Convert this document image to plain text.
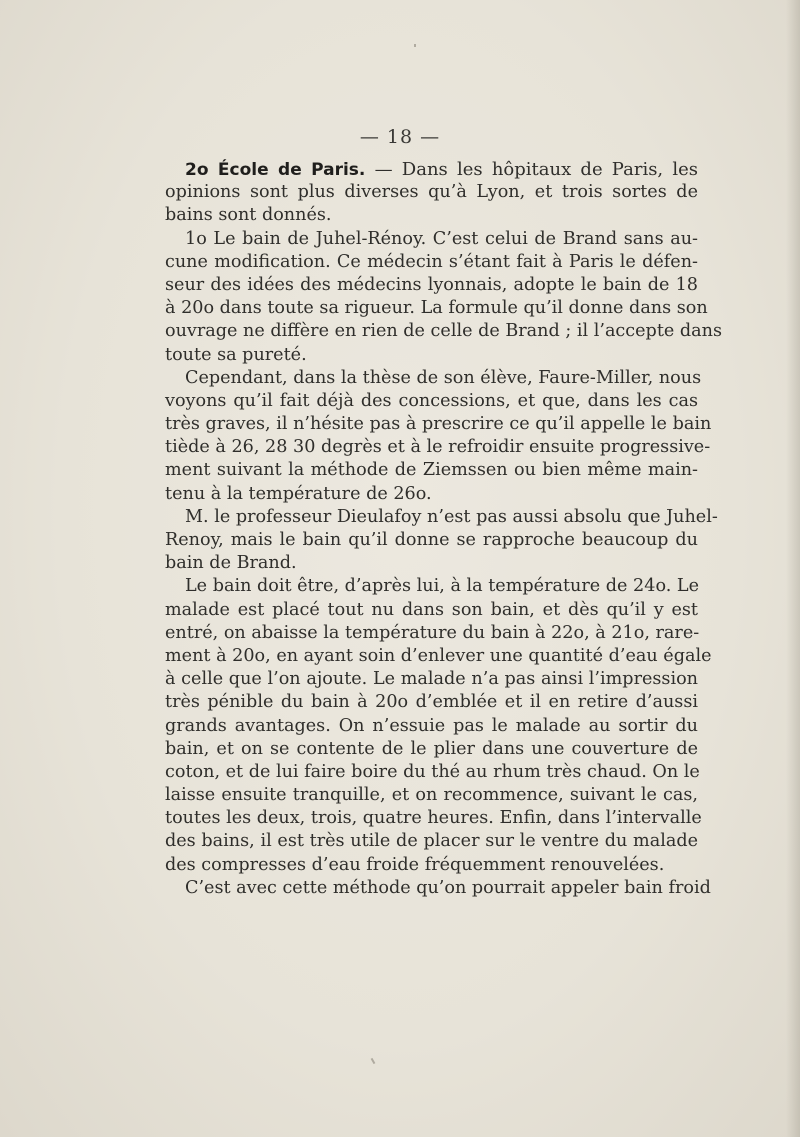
— 18 —
2o École de Paris. — Dans les hôpitaux de Paris, les
opinions sont plus diverses qu’à Lyon, et trois sortes de
bains sont donnés.
1o Le bain de Juhel-Rénoy. C’est celui de Brand sans au-
cune modification. Ce médecin s’étant fait à Paris le défen-
seur des idées des médecins lyonnais, adopte le bain de 18
à 20o dans toute sa rigueur. La formule qu’il donne dans son
ouvrage ne diffère en rien de celle de Brand ; il l’accepte dans
toute sa pureté.
Cependant, dans la thèse de son élève, Faure-Miller, nous
voyons qu’il fait déjà des concessions, et que, dans les cas
très graves, il n’hésite pas à prescrire ce qu’il appelle le bain
tiède à 26, 28 30 degrès et à le refroidir ensuite progressive-
ment suivant la méthode de Ziemssen ou bien même main-
tenu à la température de 26o.
M. le professeur Dieulafoy n’est pas aussi absolu que Juhel-
Renoy, mais le bain qu’il donne se rapproche beaucoup du
bain de Brand.
Le bain doit être, d’après lui, à la température de 24o. Le
malade est placé tout nu dans son bain, et dès qu’il y est
entré, on abaisse la température du bain à 22o, à 21o, rare-
ment à 20o, en ayant soin d’enlever une quantité d’eau égale
à celle que l’on ajoute. Le malade n’a pas ainsi l’impression
très pénible du bain à 20o d’emblée et il en retire d’aussi
grands avantages. On n’essuie pas le malade au sortir du
bain, et on se contente de le plier dans une couverture de
coton, et de lui faire boire du thé au rhum très chaud. On le
laisse ensuite tranquille, et on recommence, suivant le cas,
toutes les deux, trois, quatre heures. Enfin, dans l’intervalle
des bains, il est très utile de placer sur le ventre du malade
des compresses d’eau froide fréquemment renouvelées.
C’est avec cette méthode qu’on pourrait appeler bain froid
